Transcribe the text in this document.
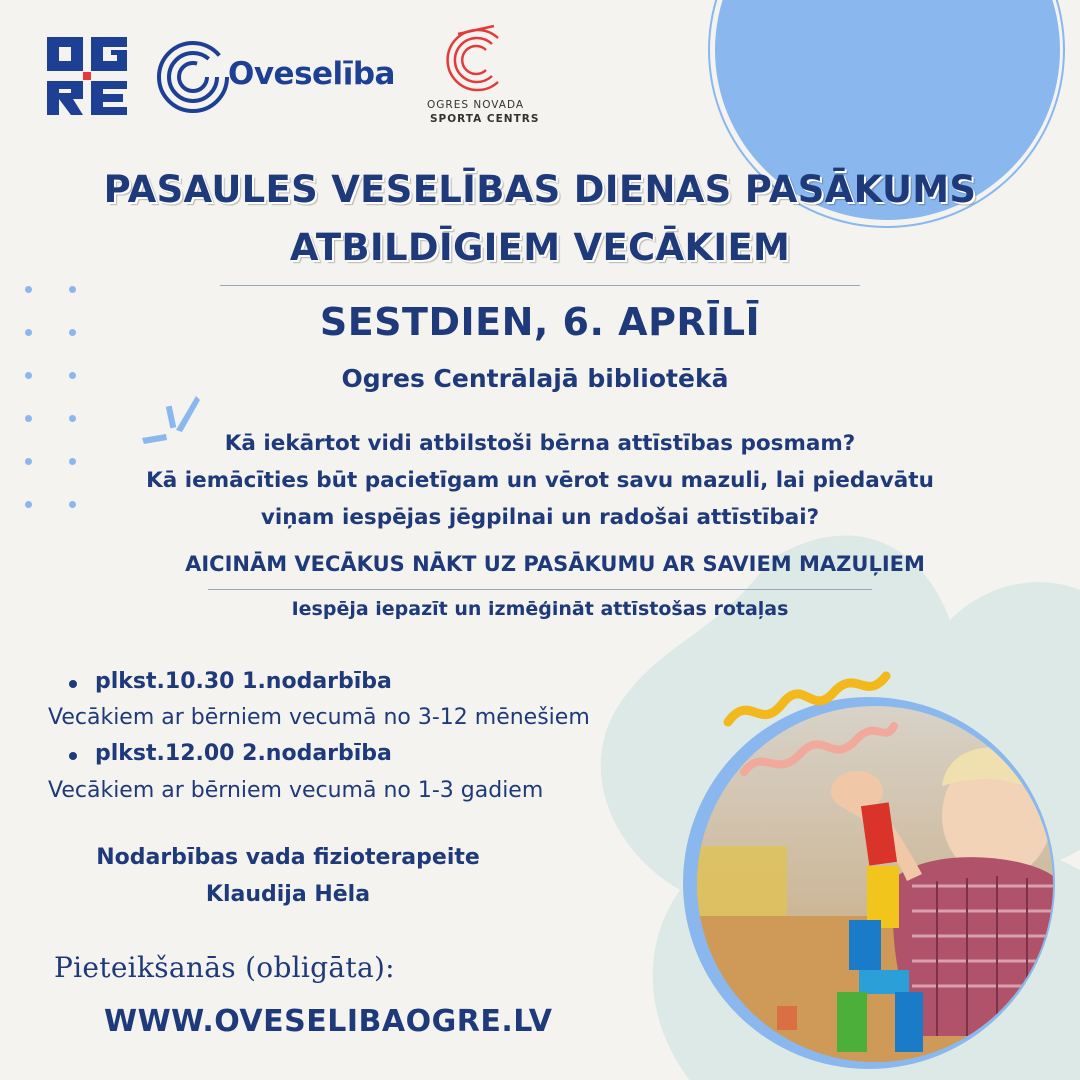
Oveselība
OGRES NOVADA
SPORTA CENTRS
PASAULES VESELĪBAS DIENAS PASĀKUMS
ATBILDĪGIEM VECĀKIEM
SESTDIEN, 6. APRĪLĪ
Ogres Centrālajā bibliotēkā
Kā iekārtot vidi atbilstoši bērna attīstības posmam?
Kā iemācīties būt pacietīgam un vērot savu mazuli, lai piedavātu
viņam iespējas jēgpilnai un radošai attīstībai?
AICINĀM VECĀKUS NĀKT UZ PASĀKUMU AR SAVIEM MAZUĻIEM
Iespēja iepazīt un izmēģināt attīstošas rotaļas
plkst.10.30 1.nodarbība
Vecākiem ar bērniem vecumā no 3-12 mēnešiem
plkst.12.00 2.nodarbība
Vecākiem ar bērniem vecumā no 1-3 gadiem
Nodarbības vada fizioterapeite
Klaudija Hēla
Pieteikšanās (obligāta):
WWW.OVESELIBAOGRE.LV
